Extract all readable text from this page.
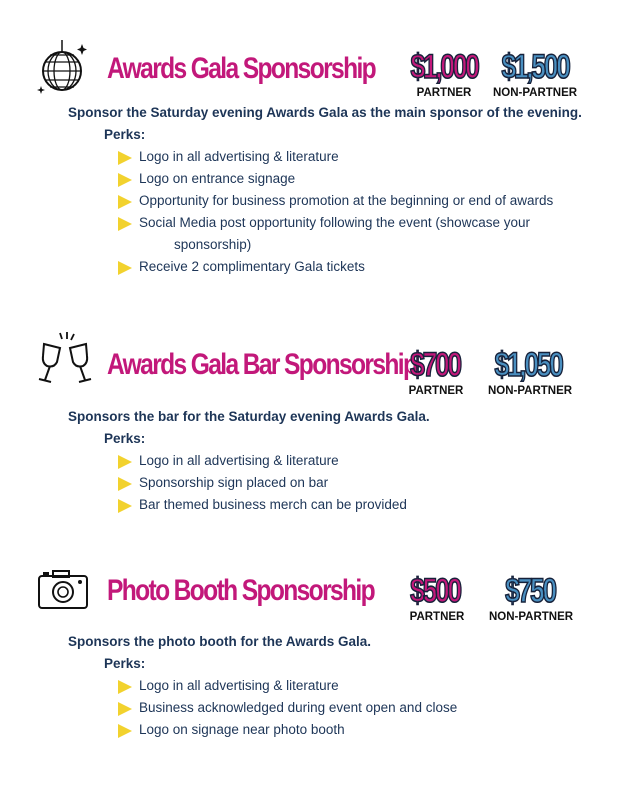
Awards Gala Sponsorship $1,000 $1,500
PARTNER	NON-PARTNER
Sponsor the Saturday evening Awards Gala as the main sponsor of the evening.
Perks:
Logo in all advertising & literature
Logo on entrance signage
Opportunity for business promotion at the beginning or end of awards
Social Media post opportunity following the event (showcase your
sponsorship)
Receive 2 complimentary Gala tickets
Awards Gala Bar Sponsorship
$700 $1,050
PARTNER	NON-PARTNER
Sponsors the bar for the Saturday evening Awards Gala.
Perks:
Logo in all advertising & literature
Sponsorship sign placed on bar
Bar themed business merch can be provided
Photo Booth Sponsorship $500	$750
PARTNER	NON-PARTNER
Sponsors the photo booth for the Awards Gala.
Perks:
Logo in all advertising & literature
Business acknowledged during event open and close
Logo on signage near photo booth
